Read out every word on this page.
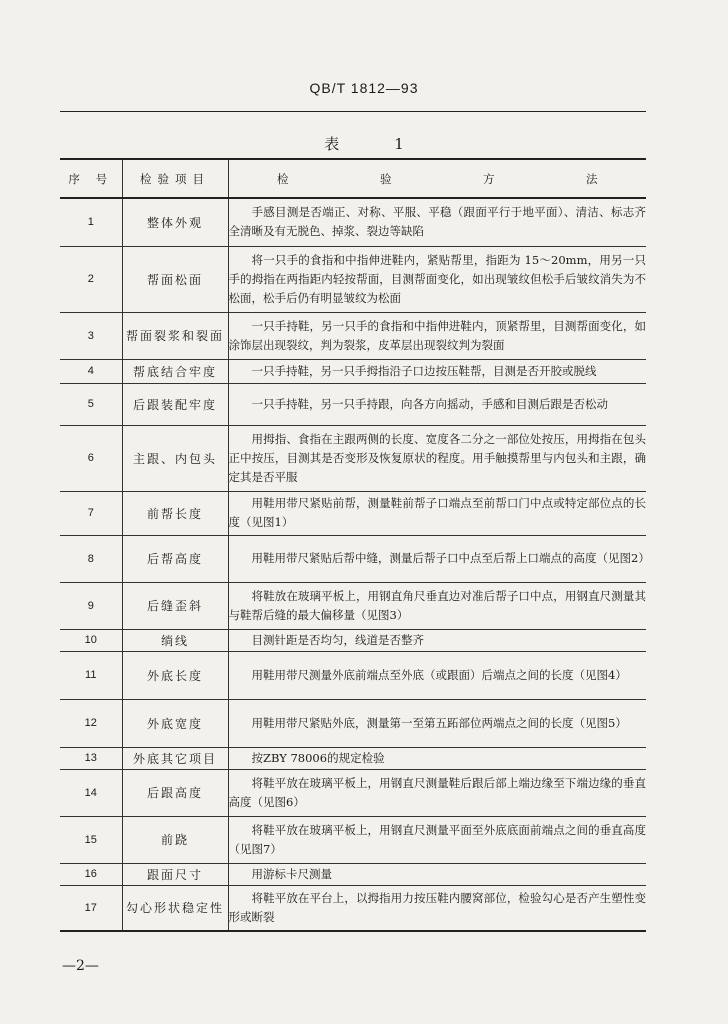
QB/T 1812—93
表　1
序 号	检验项目	检　验　方　法
1	整体外观	手感目测是否端正、对称、平服、平稳（跟面平行于地平面）、清洁、标志齐全清晰及有无脱色、掉浆、裂边等缺陷

2	帮面松面	将一只手的食指和中指伸进鞋内，紧贴帮里，指距为 15～20mm，用另一只手的拇指在两指距内轻按帮面，目测帮面变化，如出现皱纹但松手后皱纹消失为不松面，松手后仍有明显皱纹为松面

3	帮面裂浆和裂面	一只手持鞋，另一只手的食指和中指伸进鞋内，顶紧帮里，目测帮面变化，如涂饰层出现裂纹，判为裂浆，皮革层出现裂纹判为裂面

4	帮底结合牢度	一只手持鞋，另一只手拇指沿子口边按压鞋帮，目测是否开胶或脱线

5	后跟装配牢度	一只手持鞋，另一只手持跟，向各方向摇动，手感和目测后跟是否松动

6	主跟、内包头	用拇指、食指在主跟两侧的长度、宽度各二分之一部位处按压，用拇指在包头正中按压，目测其是否变形及恢复原状的程度。用手触摸帮里与内包头和主跟，确定其是否平服

7	前帮长度	用鞋用带尺紧贴前帮，测量鞋前帮子口端点至前帮口门中点或特定部位点的长度（见图1）

8	后帮高度	用鞋用带尺紧贴后帮中缝，测量后帮子口中点至后帮上口端点的高度（见图2）

9	后缝歪斜	将鞋放在玻璃平板上，用钢直角尺垂直边对准后帮子口中点，用钢直尺测量其与鞋帮后缝的最大偏移量（见图3）

10	绱线	目测针距是否均匀，线道是否整齐

11	外底长度	用鞋用带尺测量外底前端点至外底（或跟面）后端点之间的长度（见图4）

12	外底宽度	用鞋用带尺紧贴外底，测量第一至第五跖部位两端点之间的长度（见图5）

13	外底其它项目	按ZBY 78006的规定检验

14	后跟高度	将鞋平放在玻璃平板上，用钢直尺测量鞋后跟后部上端边缘至下端边缘的垂直高度（见图6）

15	前跷	将鞋平放在玻璃平板上，用钢直尺测量平面至外底底面前端点之间的垂直高度（见图7）

16	跟面尺寸	用游标卡尺测量

17	勾心形状稳定性	将鞋平放在平台上，以拇指用力按压鞋内腰窝部位，检验勾心是否产生塑性变形或断裂
—2—
